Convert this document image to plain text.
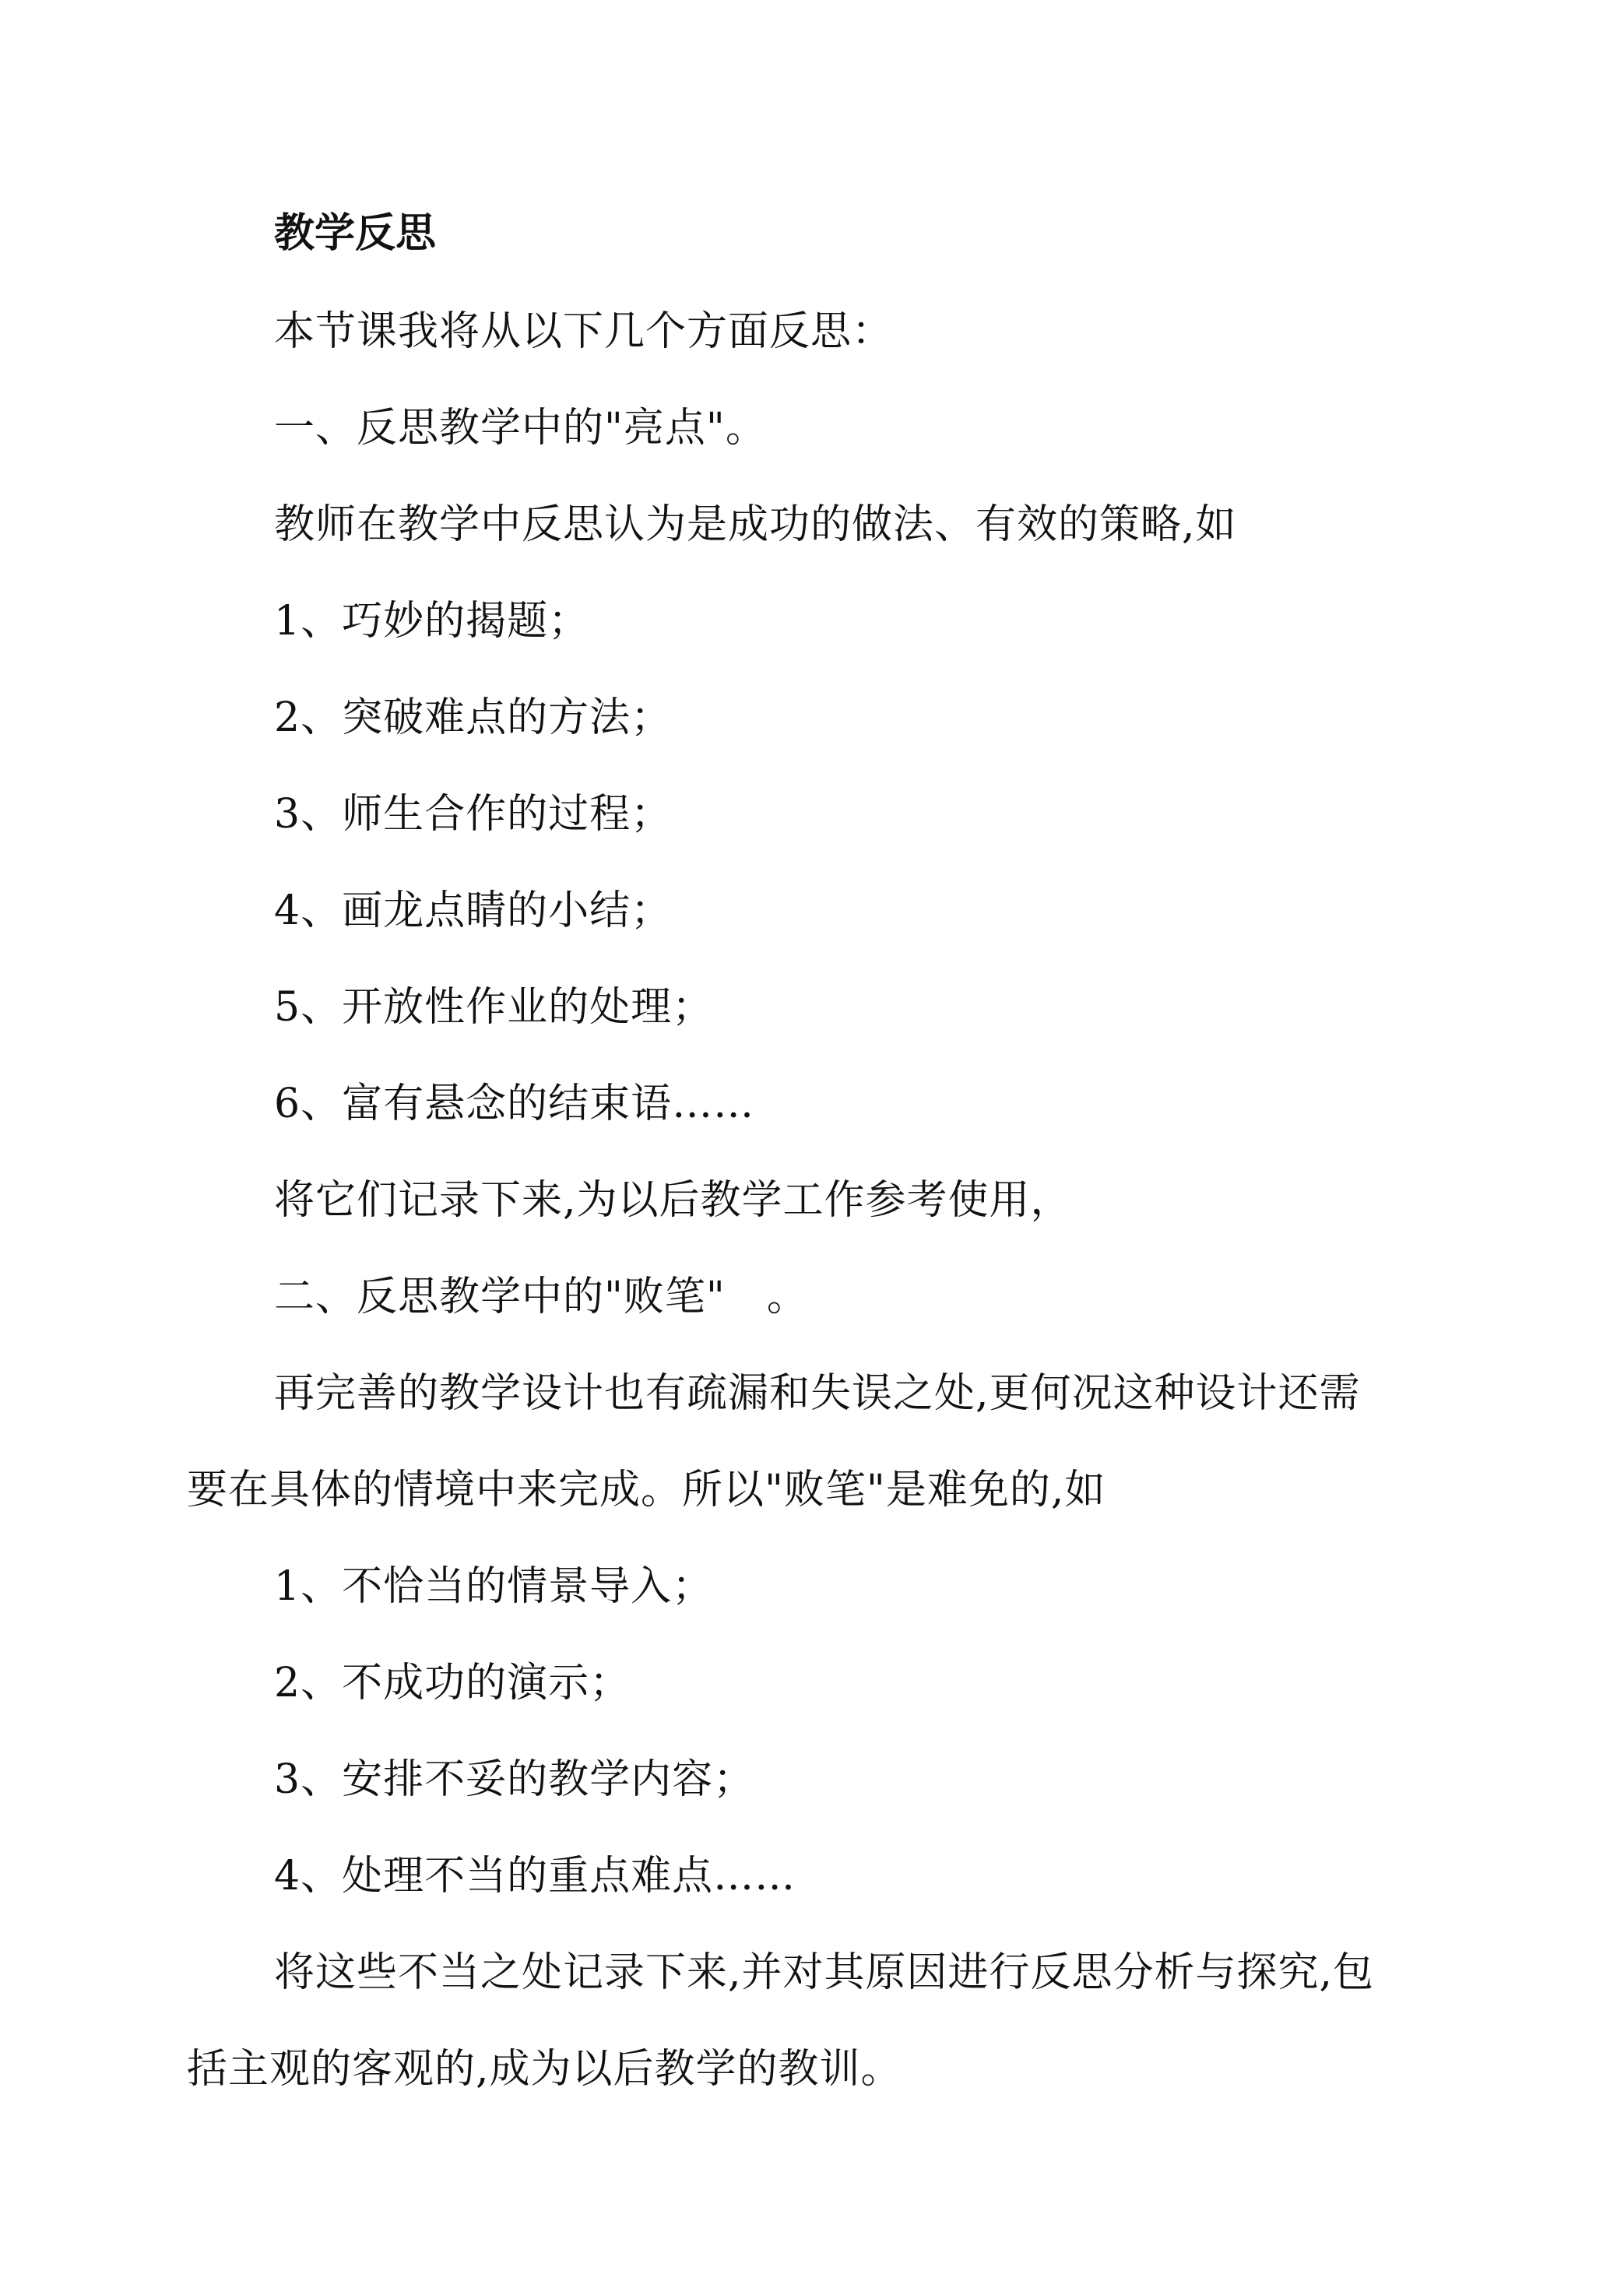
教学反思
本节课我将从以下几个方面反思：
一、反思教学中的"亮点"。
教师在教学中反思认为是成功的做法、有效的策略,如
1、巧妙的揭题；
2、突破难点的方法；
3、师生合作的过程；
4、画龙点睛的小结；
5、开放性作业的处理；
6、富有悬念的结束语……
将它们记录下来,为以后教学工作参考使用，
二、反思教学中的"败笔"　。
再完善的教学设计也有疏漏和失误之处,更何况这种设计还需
要在具体的情境中来完成。所以"败笔"是难免的,如
1、不恰当的情景导入；
2、不成功的演示；
3、安排不妥的教学内容；
4、处理不当的重点难点……
将这些不当之处记录下来,并对其原因进行反思分析与探究,包
括主观的客观的,成为以后教学的教训。
